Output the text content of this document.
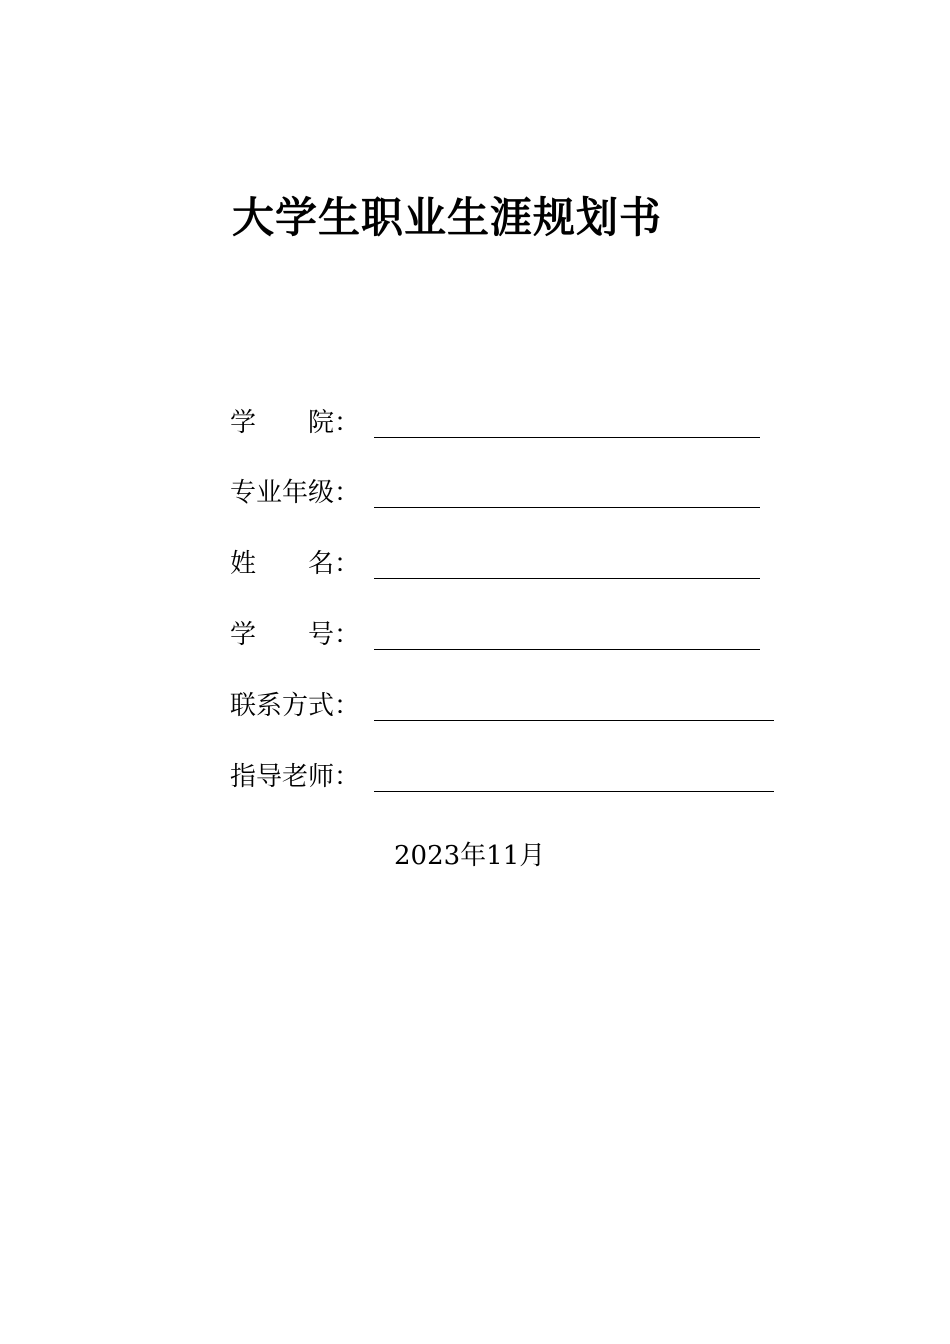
大学生职业生涯规划书
学　　院：
专业年级：
姓　　名：
学　　号：
联系方式：
指导老师：
2023年11月
